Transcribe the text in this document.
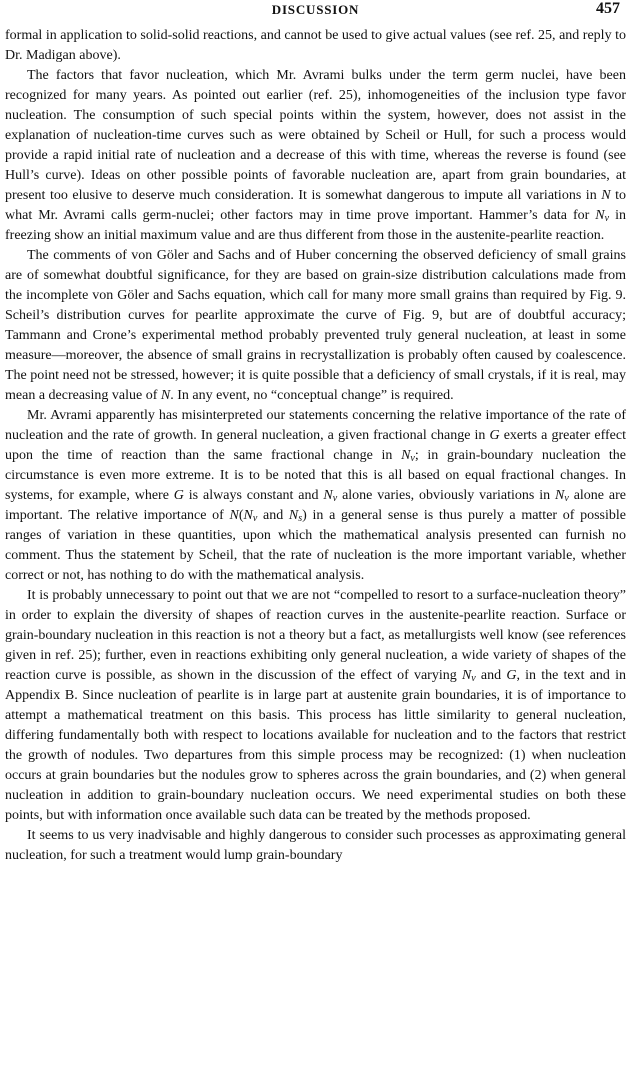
DISCUSSION	457

formal in application to solid-solid reactions, and cannot be used to give actual values (see ref. 25, and reply to Dr. Madigan above).

The factors that favor nucleation, which Mr. Avrami bulks under the term germ nuclei, have been recognized for many years. As pointed out earlier (ref. 25), inhomogeneities of the inclusion type favor nucleation. The consumption of such special points within the system, however, does not assist in the explanation of nucleation-time curves such as were obtained by Scheil or Hull, for such a process would provide a rapid initial rate of nucleation and a decrease of this with time, whereas the reverse is found (see Hull’s curve). Ideas on other possible points of favorable nucleation are, apart from grain boundaries, at present too elusive to deserve much consideration. It is somewhat dangerous to impute all variations in N to what Mr. Avrami calls germ-nuclei; other factors may in time prove important. Hammer’s data for $N_v$ in freezing show an initial maximum value and are thus different from those in the austenite-pearlite reaction.

The comments of von Göler and Sachs and of Huber concerning the observed deficiency of small grains are of somewhat doubtful significance, for they are based on grain-size distribution calculations made from the incomplete von Göler and Sachs equation, which call for many more small grains than required by Fig. 9. Scheil’s distribution curves for pearlite approximate the curve of Fig. 9, but are of doubtful accuracy; Tammann and Crone’s experimental method probably prevented truly general nucleation, at least in some measure—moreover, the absence of small grains in recrystallization is probably often caused by coalescence. The point need not be stressed, however; it is quite possible that a deficiency of small crystals, if it is real, may mean a decreasing value of N. In any event, no “conceptual change” is required.

Mr. Avrami apparently has misinterpreted our statements concerning the relative importance of the rate of nucleation and the rate of growth. In general nucleation, a given fractional change in G exerts a greater effect upon the time of reaction than the same fractional change in $N_v$; in grain-boundary nucleation the circumstance is even more extreme. It is to be noted that this is all based on equal fractional changes. In systems, for example, where G is always constant and $N_v$ alone varies, obviously variations in $N_v$ alone are important. The relative importance of $N(N_v$ and $N_s$) in a general sense is thus purely a matter of possible ranges of variation in these quantities, upon which the mathematical analysis presented can furnish no comment. Thus the statement by Scheil, that the rate of nucleation is the more important variable, whether correct or not, has nothing to do with the mathematical analysis.

It is probably unnecessary to point out that we are not “compelled to resort to a surface-nucleation theory” in order to explain the diversity of shapes of reaction curves in the austenite-pearlite reaction. Surface or grain-boundary nucleation in this reaction is not a theory but a fact, as metallurgists well know (see references given in ref. 25); further, even in reactions exhibiting only general nucleation, a wide variety of shapes of the reaction curve is possible, as shown in the discussion of the effect of varying $N_v$ and G, in the text and in Appendix B. Since nucleation of pearlite is in large part at austenite grain boundaries, it is of importance to attempt a mathematical treatment on this basis. This process has little similarity to general nucleation, differing fundamentally both with respect to locations available for nucleation and to the factors that restrict the growth of nodules. Two departures from this simple process may be recognized: (1) when nucleation occurs at grain boundaries but the nodules grow to spheres across the grain boundaries, and (2) when general nucleation in addition to grain-boundary nucleation occurs. We need experimental studies on both these points, but with information once available such data can be treated by the methods proposed.

It seems to us very inadvisable and highly dangerous to consider such processes as approximating general nucleation, for such a treatment would lump grain-boundary
